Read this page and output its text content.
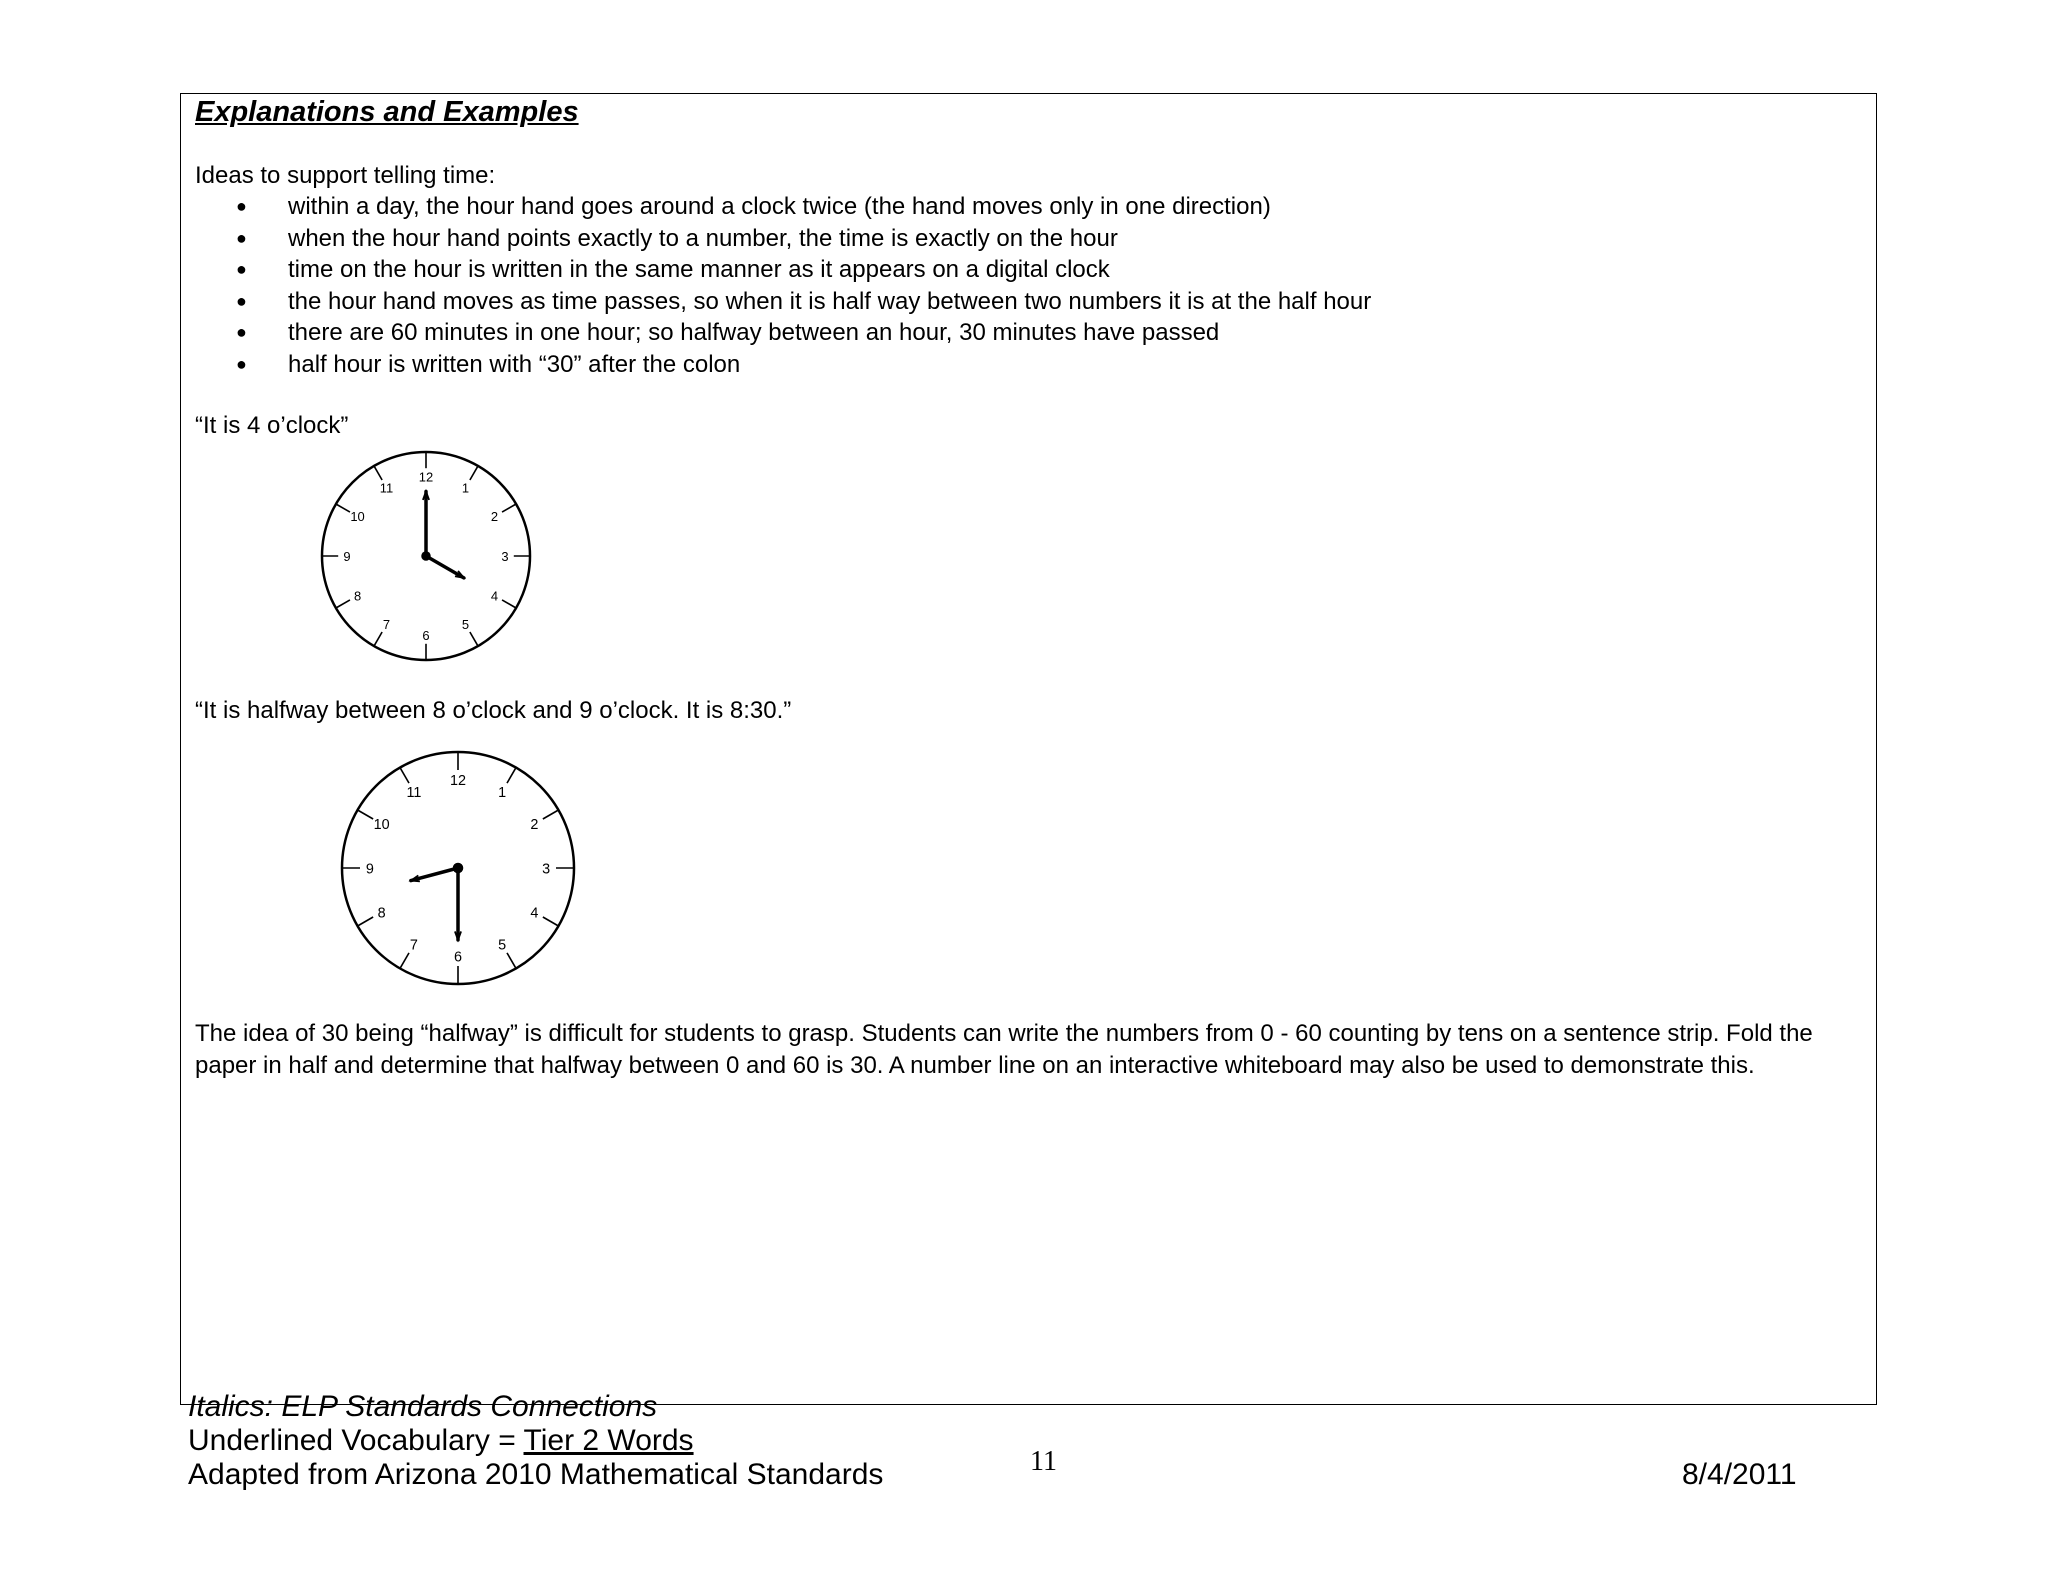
Explanations and Examples

Ideas to support telling time:

● within a day, the hour hand goes around a clock twice (the hand moves only in one direction)
● when the hour hand points exactly to a number, the time is exactly on the hour
● time on the hour is written in the same manner as it appears on a digital clock
● the hour hand moves as time passes, so when it is half way between two numbers it is at the half hour
● there are 60 minutes in one hour; so halfway between an hour, 30 minutes have passed
● half hour is written with “30” after the colon

“It is 4 o’clock”

1
2
3
4
5
6
7
8
9
10
11
12

“It is halfway between 8 o’clock and 9 o’clock. It is 8:30.”

1
2
3
4
5
6
7
8
9
10
11
12

The idea of 30 being “halfway” is difficult for students to grasp. Students can write the numbers from 0 - 60 counting by tens on a sentence strip. Fold the paper in half and determine that halfway between 0 and 60 is 30. A number line on an interactive whiteboard may also be used to demonstrate this.

Italics: ELP Standards Connections

Underlined Vocabulary = Tier 2 Words

Adapted from Arizona 2010 Mathematical Standards	11	8/4/2011
